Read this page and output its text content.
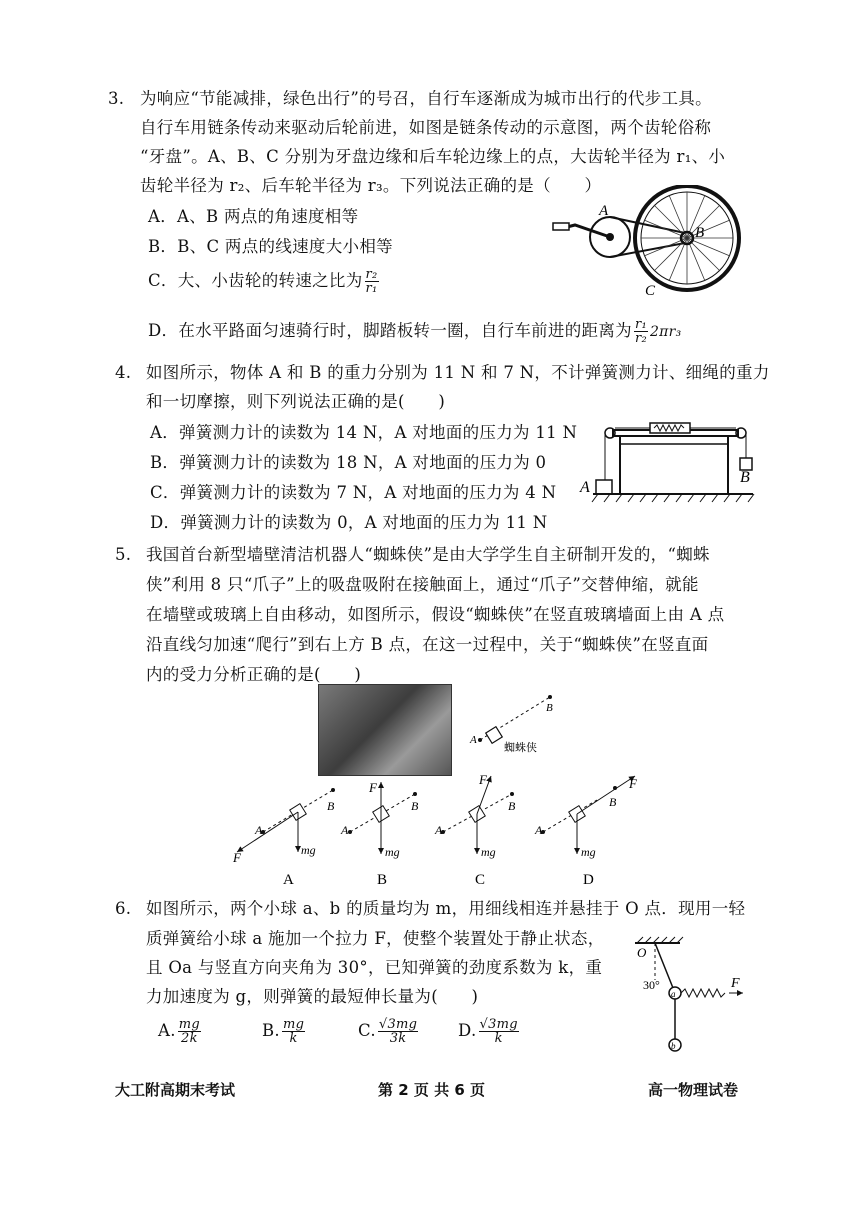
3. 为响应“节能减排，绿色出行”的号召，自行车逐渐成为城市出行的代步工具。
自行车用链条传动来驱动后轮前进，如图是链条传动的示意图，两个齿轮俗称
“牙盘”。A、B、C 分别为牙盘边缘和后车轮边缘上的点，大齿轮半径为 r₁、小
齿轮半径为 r₂、后车轮半径为 r₃。下列说法正确的是（　　）
A．A、B 两点的角速度相等
B．B、C 两点的线速度大小相等
C．大、小齿轮的转速之比为 $\frac{\text{r₂}}{\text{r₁}}$
D．在水平路面匀速骑行时，脚踏板转一圈，自行车前进的距离为 $\frac{\text{r₁}}{\text{r₂}} 2\pi r_3$
A
B
C
4. 如图所示，物体 A 和 B 的重力分别为 11 N 和 7 N，不计弹簧测力计、细绳的重力
和一切摩擦，则下列说法正确的是(　　)
A．弹簧测力计的读数为 14 N，A 对地面的压力为 11 N
B．弹簧测力计的读数为 18 N，A 对地面的压力为 0
C．弹簧测力计的读数为 7 N，A 对地面的压力为 4 N
D．弹簧测力计的读数为 0，A 对地面的压力为 11 N
A
B
5. 我国首台新型墙壁清洁机器人“蜘蛛侠”是由大学学生自主研制开发的，“蜘蛛
侠”利用 8 只“爪子”上的吸盘吸附在接触面上，通过“爪子”交替伸缩，就能
在墙壁或玻璃上自由移动，如图所示，假设“蜘蛛侠”在竖直玻璃墙面上由 A 点
沿直线匀加速“爬行”到右上方 B 点，在这一过程中，关于“蜘蛛侠”在竖直面
内的受力分析正确的是(　　)
A
B
蜘蛛侠
F
A
B
mg
A
F
A
B
mg
B
F
A
B
mg
C
F
A
B
mg
D
6. 如图所示，两个小球 a、b 的质量均为 m，用细线相连并悬挂于 O 点．现用一轻
质弹簧给小球 a 施加一个拉力 F，使整个装置处于静止状态，
且 Oa 与竖直方向夹角为 30°，已知弹簧的劲度系数为 k，重
力加速度为 g，则弹簧的最短伸长量为(　　)
A. $\frac{mg}{2k}$	B. $\frac{mg}{k}$	C. $\frac{√3mg}{3k} D$. $\frac{√3mg}{k}$
O
30°	F
a
b
大工附高期末考试	第 2 页 共 6 页	高一物理试卷
